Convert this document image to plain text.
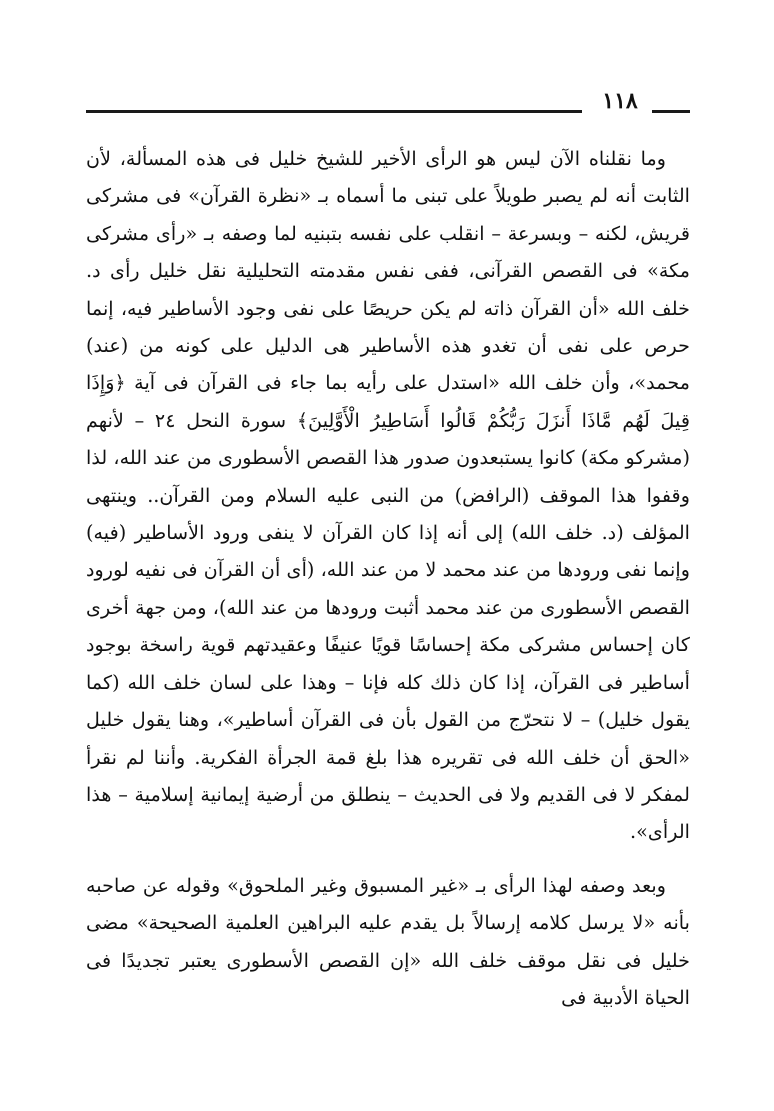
١١٨

وما نقلناه الآن ليس هو الرأى الأخير للشيخ خليل فى هذه المسألة، لأن الثابت أنه لم يصبر طويلاً على تبنى ما أسماه بـ «نظرة القرآن» فى مشركى قريش، لكنه – وبسرعة – انقلب على نفسه بتبنيه لما وصفه بـ «رأى مشركى مكة» فى القصص القرآنى، ففى نفس مقدمته التحليلية نقل خليل رأى د. خلف الله «أن القرآن ذاته لم يكن حريصًا على نفى وجود الأساطير فيه، إنما حرص على نفى أن تغدو هذه الأساطير هى الدليل على كونه من (عند) محمد»، وأن خلف الله «استدل على رأيه بما جاء فى القرآن فى آية ﴿وَإِذَا قِيلَ لَهُم مَّاذَا أَنزَلَ رَبُّكُمْ قَالُوا أَسَاطِيرُ الْأَوَّلِينَ﴾ سورة النحل ٢٤ – لأنهم (مشركو مكة) كانوا يستبعدون صدور هذا القصص الأسطورى من عند الله، لذا وقفوا هذا الموقف (الرافض) من النبى عليه السلام ومن القرآن.. وينتهى المؤلف (د. خلف الله) إلى أنه إذا كان القرآن لا ينفى ورود الأساطير (فيه) وإنما نفى ورودها من عند محمد لا من عند الله، (أى أن القرآن فى نفيه لورود القصص الأسطورى من عند محمد أثبت ورودها من عند الله)، ومن جهة أخرى كان إحساس مشركى مكة إحساسًا قويًا عنيفًا وعقيدتهم قوية راسخة بوجود أساطير فى القرآن، إذا كان ذلك كله فإنا – وهذا على لسان خلف الله (كما يقول خليل) – لا نتحرّج من القول بأن فى القرآن أساطير»، وهنا يقول خليل «الحق أن خلف الله فى تقريره هذا بلغ قمة الجرأة الفكرية. وأننا لم نقرأ لمفكر لا فى القديم ولا فى الحديث – ينطلق من أرضية إيمانية إسلامية – هذا الرأى».

وبعد وصفه لهذا الرأى بـ «غير المسبوق وغير الملحوق» وقوله عن صاحبه بأنه «لا يرسل كلامه إرسالاً بل يقدم عليه البراهين العلمية الصحيحة» مضى خليل فى نقل موقف خلف الله «إن القصص الأسطورى يعتبر تجديدًا فى الحياة الأدبية فى
